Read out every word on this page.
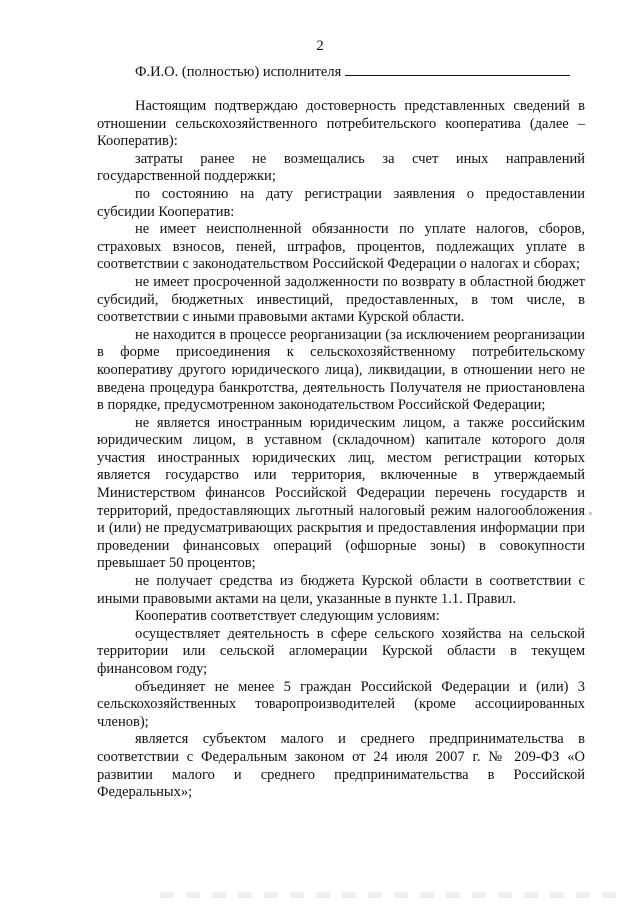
2
Ф.И.О. (полностью) исполнителя

Настоящим подтверждаю достоверность представленных сведений в отношении сельскохозяйственного потребительского кооператива (далее – Кооператив):

затраты ранее не возмещались за счет иных направлений государственной поддержки;

по состоянию на дату регистрации заявления о предоставлении субсидии Кооператив:

не имеет неисполненной обязанности по уплате налогов, сборов, страховых взносов, пеней, штрафов, процентов, подлежащих уплате в соответствии с законодательством Российской Федерации о налогах и сборах;

не имеет просроченной задолженности по возврату в областной бюджет субсидий, бюджетных инвестиций, предоставленных, в том числе, в соответствии с иными правовыми актами Курской области.

не находится в процессе реорганизации (за исключением реорганизации в форме присоединения к сельскохозяйственному потребительскому кооперативу другого юридического лица), ликвидации, в отношении него не введена процедура банкротства, деятельность Получателя не приостановлена в порядке, предусмотренном законодательством Российской Федерации;

не является иностранным юридическим лицом, а также российским юридическим лицом, в уставном (складочном) капитале которого доля участия иностранных юридических лиц, местом регистрации которых является государство или территория, включенные в утверждаемый Министерством финансов Российской Федерации перечень государств и территорий, предоставляющих льготный налоговый режим налогообложения и (или) не предусматривающих раскрытия и предоставления информации при проведении финансовых операций (офшорные зоны) в совокупности превышает 50 процентов;

не получает средства из бюджета Курской области в соответствии с иными правовыми актами на цели, указанные в пункте 1.1. Правил.

Кооператив соответствует следующим условиям:

осуществляет деятельность в сфере сельского хозяйства на сельской территории или сельской агломерации Курской области в текущем финансовом году;

объединяет не менее 5 граждан Российской Федерации и (или) 3 сельскохозяйственных товаропроизводителей (кроме ассоциированных членов);

является субъектом малого и среднего предпринимательства в соответствии с Федеральным законом от 24 июля 2007 г. № 209-ФЗ «О развитии малого и среднего предпринимательства в Российской Федеральных»;
